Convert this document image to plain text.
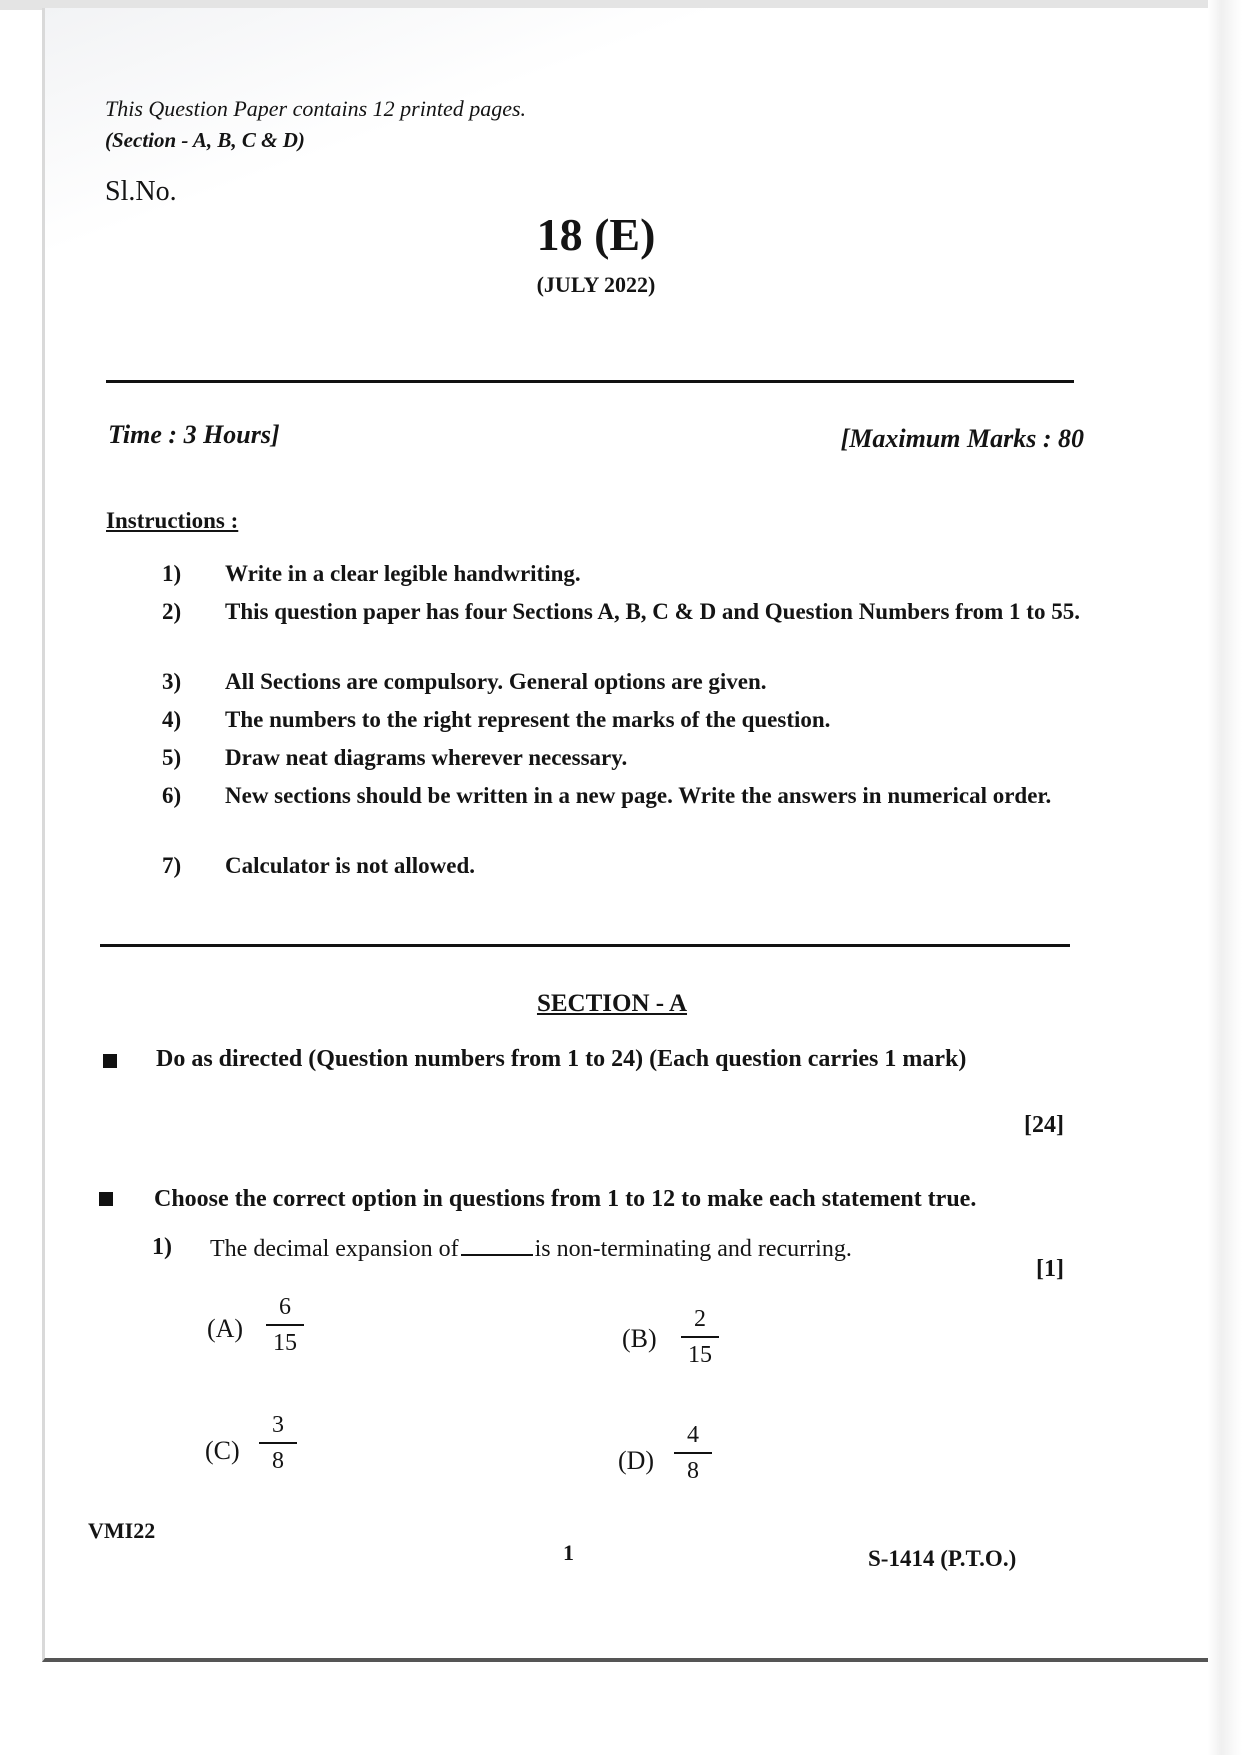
This Question Paper contains 12 printed pages.
(Section - A, B, C & D)
Sl.No.
18 (E)
(JULY 2022)
Time : 3 Hours]	[Maximum Marks : 80
Instructions :
1)	Write in a clear legible handwriting.
2)	This question paper has four Sections A, B, C & D and Question Numbers from 1 to 55.
3)	All Sections are compulsory. General options are given.
4)	The numbers to the right represent the marks of the question.
5)	Draw neat diagrams wherever necessary.
6)	New sections should be written in a new page. Write the answers in numerical order.
7)	Calculator is not allowed.
SECTION - A
Do as directed (Question numbers from 1 to 24) (Each question carries 1 mark)
[24]
Choose the correct option in questions from 1 to 12 to make each statement true.
1) The decimal expansion of	is non-terminating and recurring.
[1]
(A)
6
15	(B)
2
15
(C)
3
8	(D)
4
8
VMI22
1	S-1414 (P.T.O.)
